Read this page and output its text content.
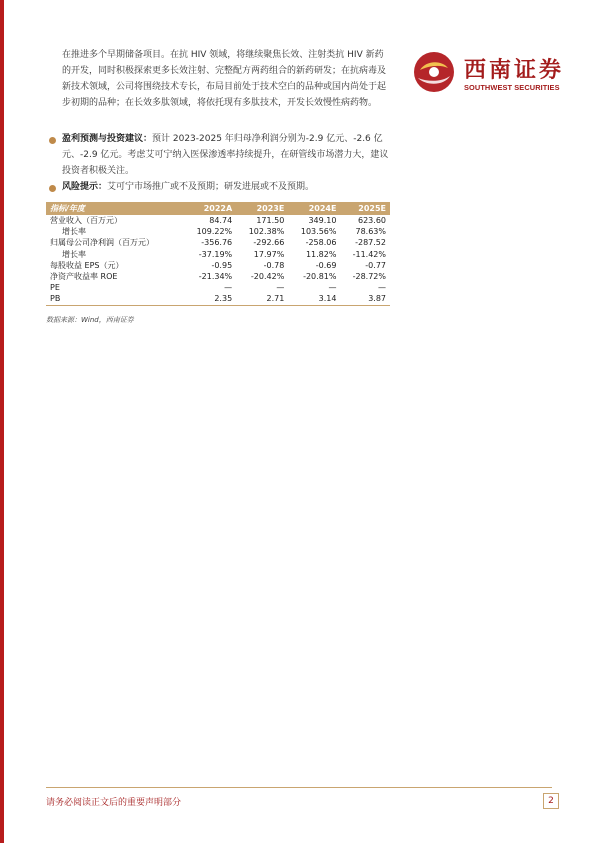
西南证券
SOUTHWEST SECURITIES

在推进多个早期储备项目。在抗 HIV 领域，将继续聚焦长效、注射类抗 HIV 新药的开发，同时积极探索更多长效注射、完整配方两药组合的新药研发；在抗病毒及新技术领域，公司将围绕技术专长，布局目前处于技术空白的品种或国内尚处于起步初期的品种；在长效多肽领域，将依托现有多肽技术，开发长效慢性病药物。

盈利预测与投资建议：预计 2023-2025 年归母净利润分别为-2.9 亿元、-2.6 亿元、-2.9 亿元。考虑艾可宁纳入医保渗透率持续提升，在研管线市场潜力大，建议投资者积极关注。

风险提示：艾可宁市场推广或不及预期；研发进展或不及预期。

指标/年度	2022A	2023E	2024E	2025E
营业收入（百万元）	84.74	171.50	349.10	623.60
增长率	109.22%	102.38%	103.56%	78.63%
归属母公司净利润（百万元）	-356.76	-292.66	-258.06	-287.52
增长率	-37.19%	17.97%	11.82%	-11.42%
每股收益 EPS（元）	-0.95	-0.78	-0.69	-0.77
净资产收益率 ROE	-21.34%	-20.42%	-20.81%	-28.72%
PE	—	—	—	—
PB	2.35	2.71	3.14	3.87
数据来源：Wind，西南证券
请务必阅读正文后的重要声明部分	2
